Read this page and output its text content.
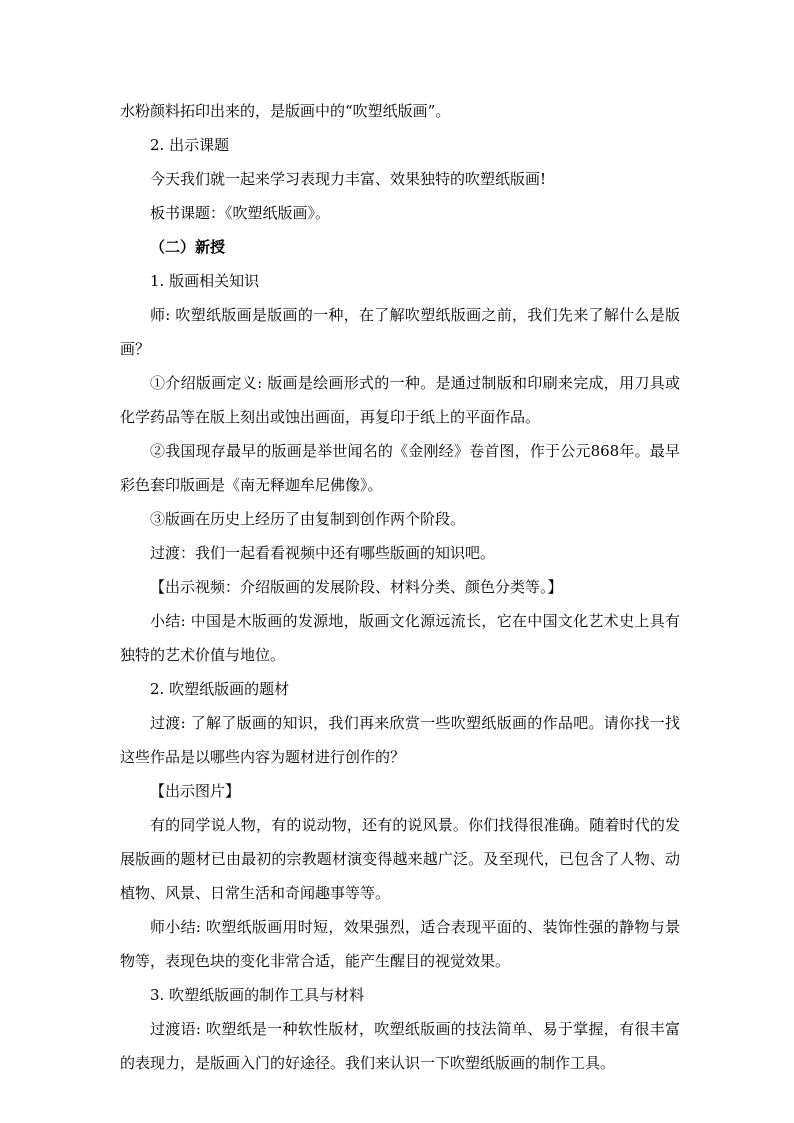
水粉颜料拓印出来的，是版画中的“吹塑纸版画”。

2. 出示课题

今天我们就一起来学习表现力丰富、效果独特的吹塑纸版画!

板书课题：《吹塑纸版画》。

（二）新授

1. 版画相关知识

师: 吹塑纸版画是版画的一种，在了解吹塑纸版画之前，我们先来了解什么是版画？

①介绍版画定义: 版画是绘画形式的一种。是通过制版和印刷来完成，用刀具或化学药品等在版上刻出或蚀出画面，再复印于纸上的平面作品。

②我国现存最早的版画是举世闻名的《金刚经》卷首图，作于公元868年。最早彩色套印版画是《南无释迦牟尼佛像》。

③版画在历史上经历了由复制到创作两个阶段。

过渡：我们一起看看视频中还有哪些版画的知识吧。

【出示视频：介绍版画的发展阶段、材料分类、颜色分类等。】

小结: 中国是木版画的发源地，版画文化源远流长，它在中国文化艺术史上具有独特的艺术价值与地位。

2. 吹塑纸版画的题材

过渡: 了解了版画的知识，我们再来欣赏一些吹塑纸版画的作品吧。请你找一找这些作品是以哪些内容为题材进行创作的？

【出示图片】

有的同学说人物，有的说动物，还有的说风景。你们找得很准确。随着时代的发展版画的题材已由最初的宗教题材演变得越来越广泛。及至现代，已包含了人物、动植物、风景、日常生活和奇闻趣事等等。

师小结: 吹塑纸版画用时短，效果强烈，适合表现平面的、装饰性强的静物与景物等，表现色块的变化非常合适，能产生醒目的视觉效果。

3. 吹塑纸版画的制作工具与材料

过渡语: 吹塑纸是一种软性版材，吹塑纸版画的技法简单、易于掌握，有很丰富的表现力，是版画入门的好途径。我们来认识一下吹塑纸版画的制作工具。
